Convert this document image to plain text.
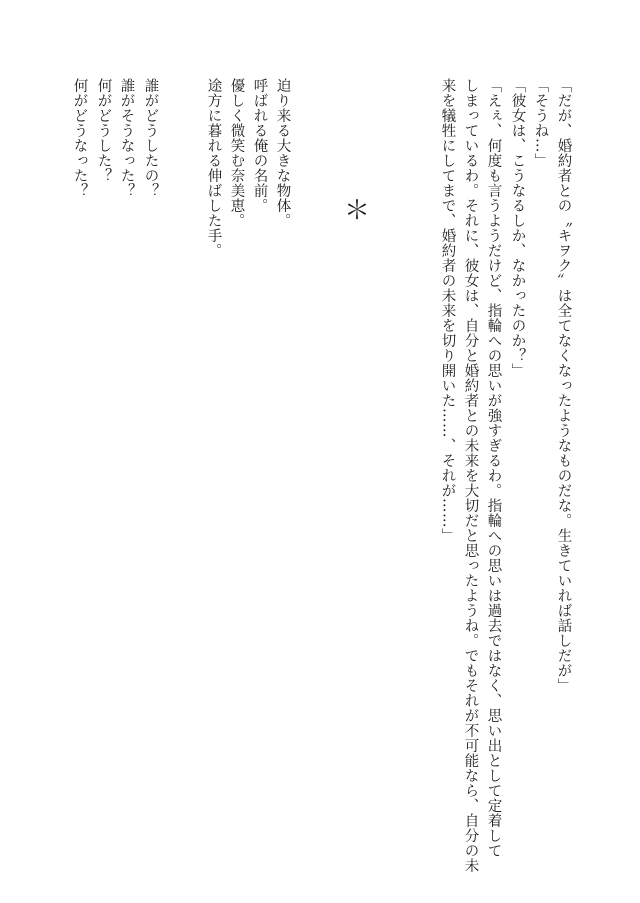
「だが、婚約者との〝キヲク〟は全てなくなったようなものだな。生きていれば話しだが」
「そうね…」
「彼女は、こうなるしか、なかったのか？」
「えぇ、何度も言うようだけど、指輪への思いが強すぎるわ。指輪への思いは過去ではなく、思い出として定着して
しまっているわ。それに、彼女は、自分と婚約者との未来を大切だと思ったようね。でもそれが不可能なら、自分の未
来を犠牲にしてまで、婚約者の未来を切り開いた……、それが……」
＊
迫り来る大きな物体。
呼ばれる俺の名前。
優しく微笑む奈美恵。
途方に暮れる伸ばした手。
誰がどうしたの？
誰がそうなった？
何がどうした？
何がどうなった？
